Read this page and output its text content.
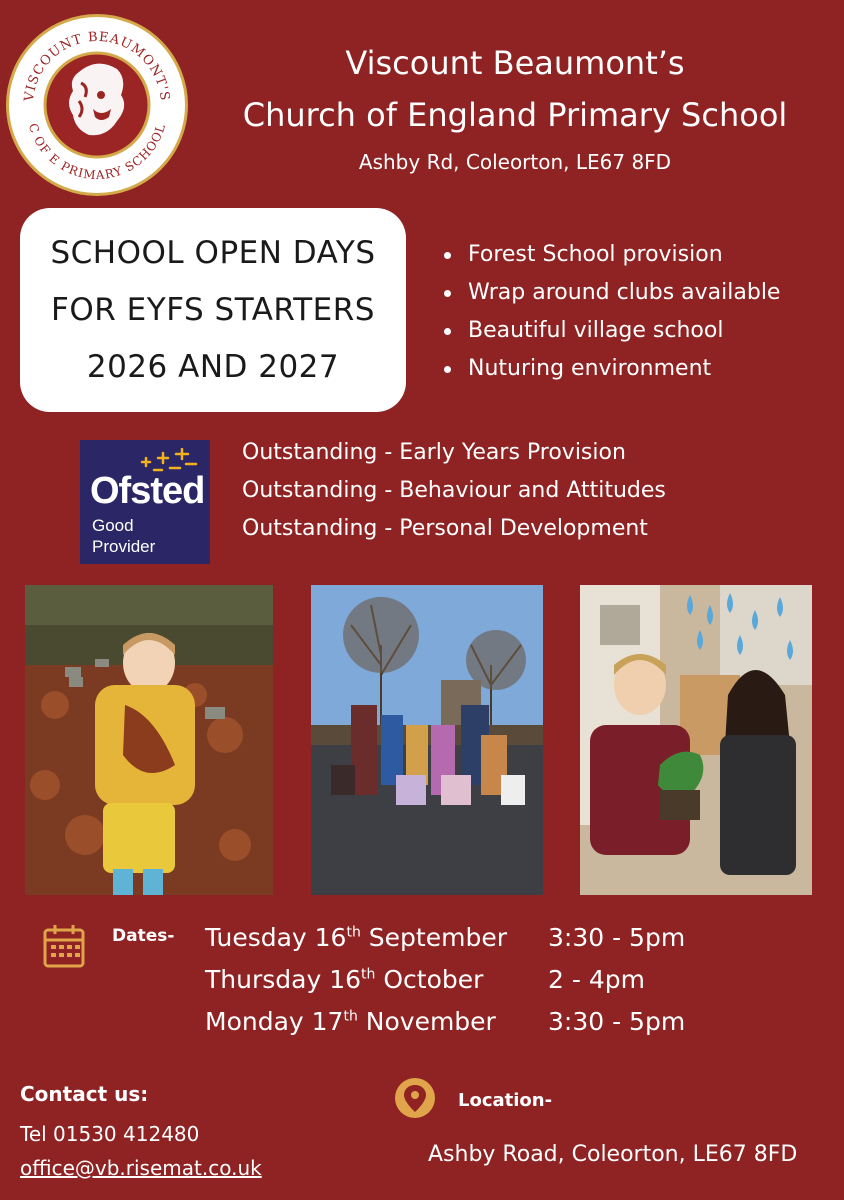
VISCOUNT BEAUMONT'S
C OF E PRIMARY SCHOOL
Viscount Beaumont’s
Church of England Primary School
Ashby Rd, Coleorton, LE67 8FD
SCHOOL OPEN DAYS
FOR EYFS STARTERS
2026 AND 2027
Forest School provision
Wrap around clubs available
Beautiful village school
Nuturing environment
Ofsted
Good
Provider
Outstanding - Early Years Provision
Outstanding - Behaviour and Attitudes
Outstanding - Personal Development
Dates- Tuesday 16th September 3:30 - 5pm
Thursday 16th October	2 - 4pm
Monday 17th November 3:30 - 5pm
Contact us:
Tel 01530 412480
office@vb.risemat.co.uk
Location-
Ashby Road, Coleorton, LE67 8FD
